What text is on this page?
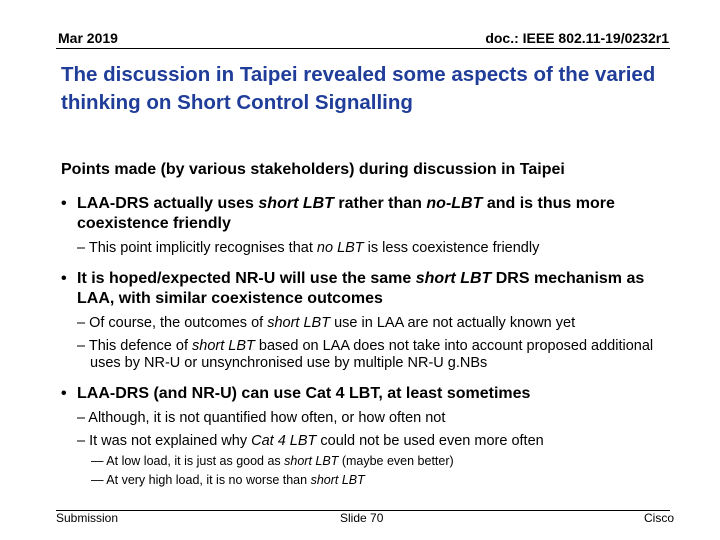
Mar 2019	doc.: IEEE 802.11-19/0232r1
The discussion in Taipei revealed some aspects of the varied thinking on Short Control Signalling
Points made (by various stakeholders) during discussion in Taipei
• LAA-DRS actually uses short LBT rather than no-LBT and is thus more coexistence friendly
– This point implicitly recognises that no LBT is less coexistence friendly
• It is hoped/expected NR-U will use the same short LBT DRS mechanism as LAA, with similar coexistence outcomes
– Of course, the outcomes of short LBT use in LAA are not actually known yet
– This defence of short LBT based on LAA does not take into account proposed additional uses by NR-U or unsynchronised use by multiple NR-U g.NBs
• LAA-DRS (and NR-U) can use Cat 4 LBT, at least sometimes
– Although, it is not quantified how often, or how often not
– It was not explained why Cat 4 LBT could not be used even more often
— At low load, it is just as good as short LBT (maybe even better)
— At very high load, it is no worse than short LBT
Submission	Slide 70	Cisco
